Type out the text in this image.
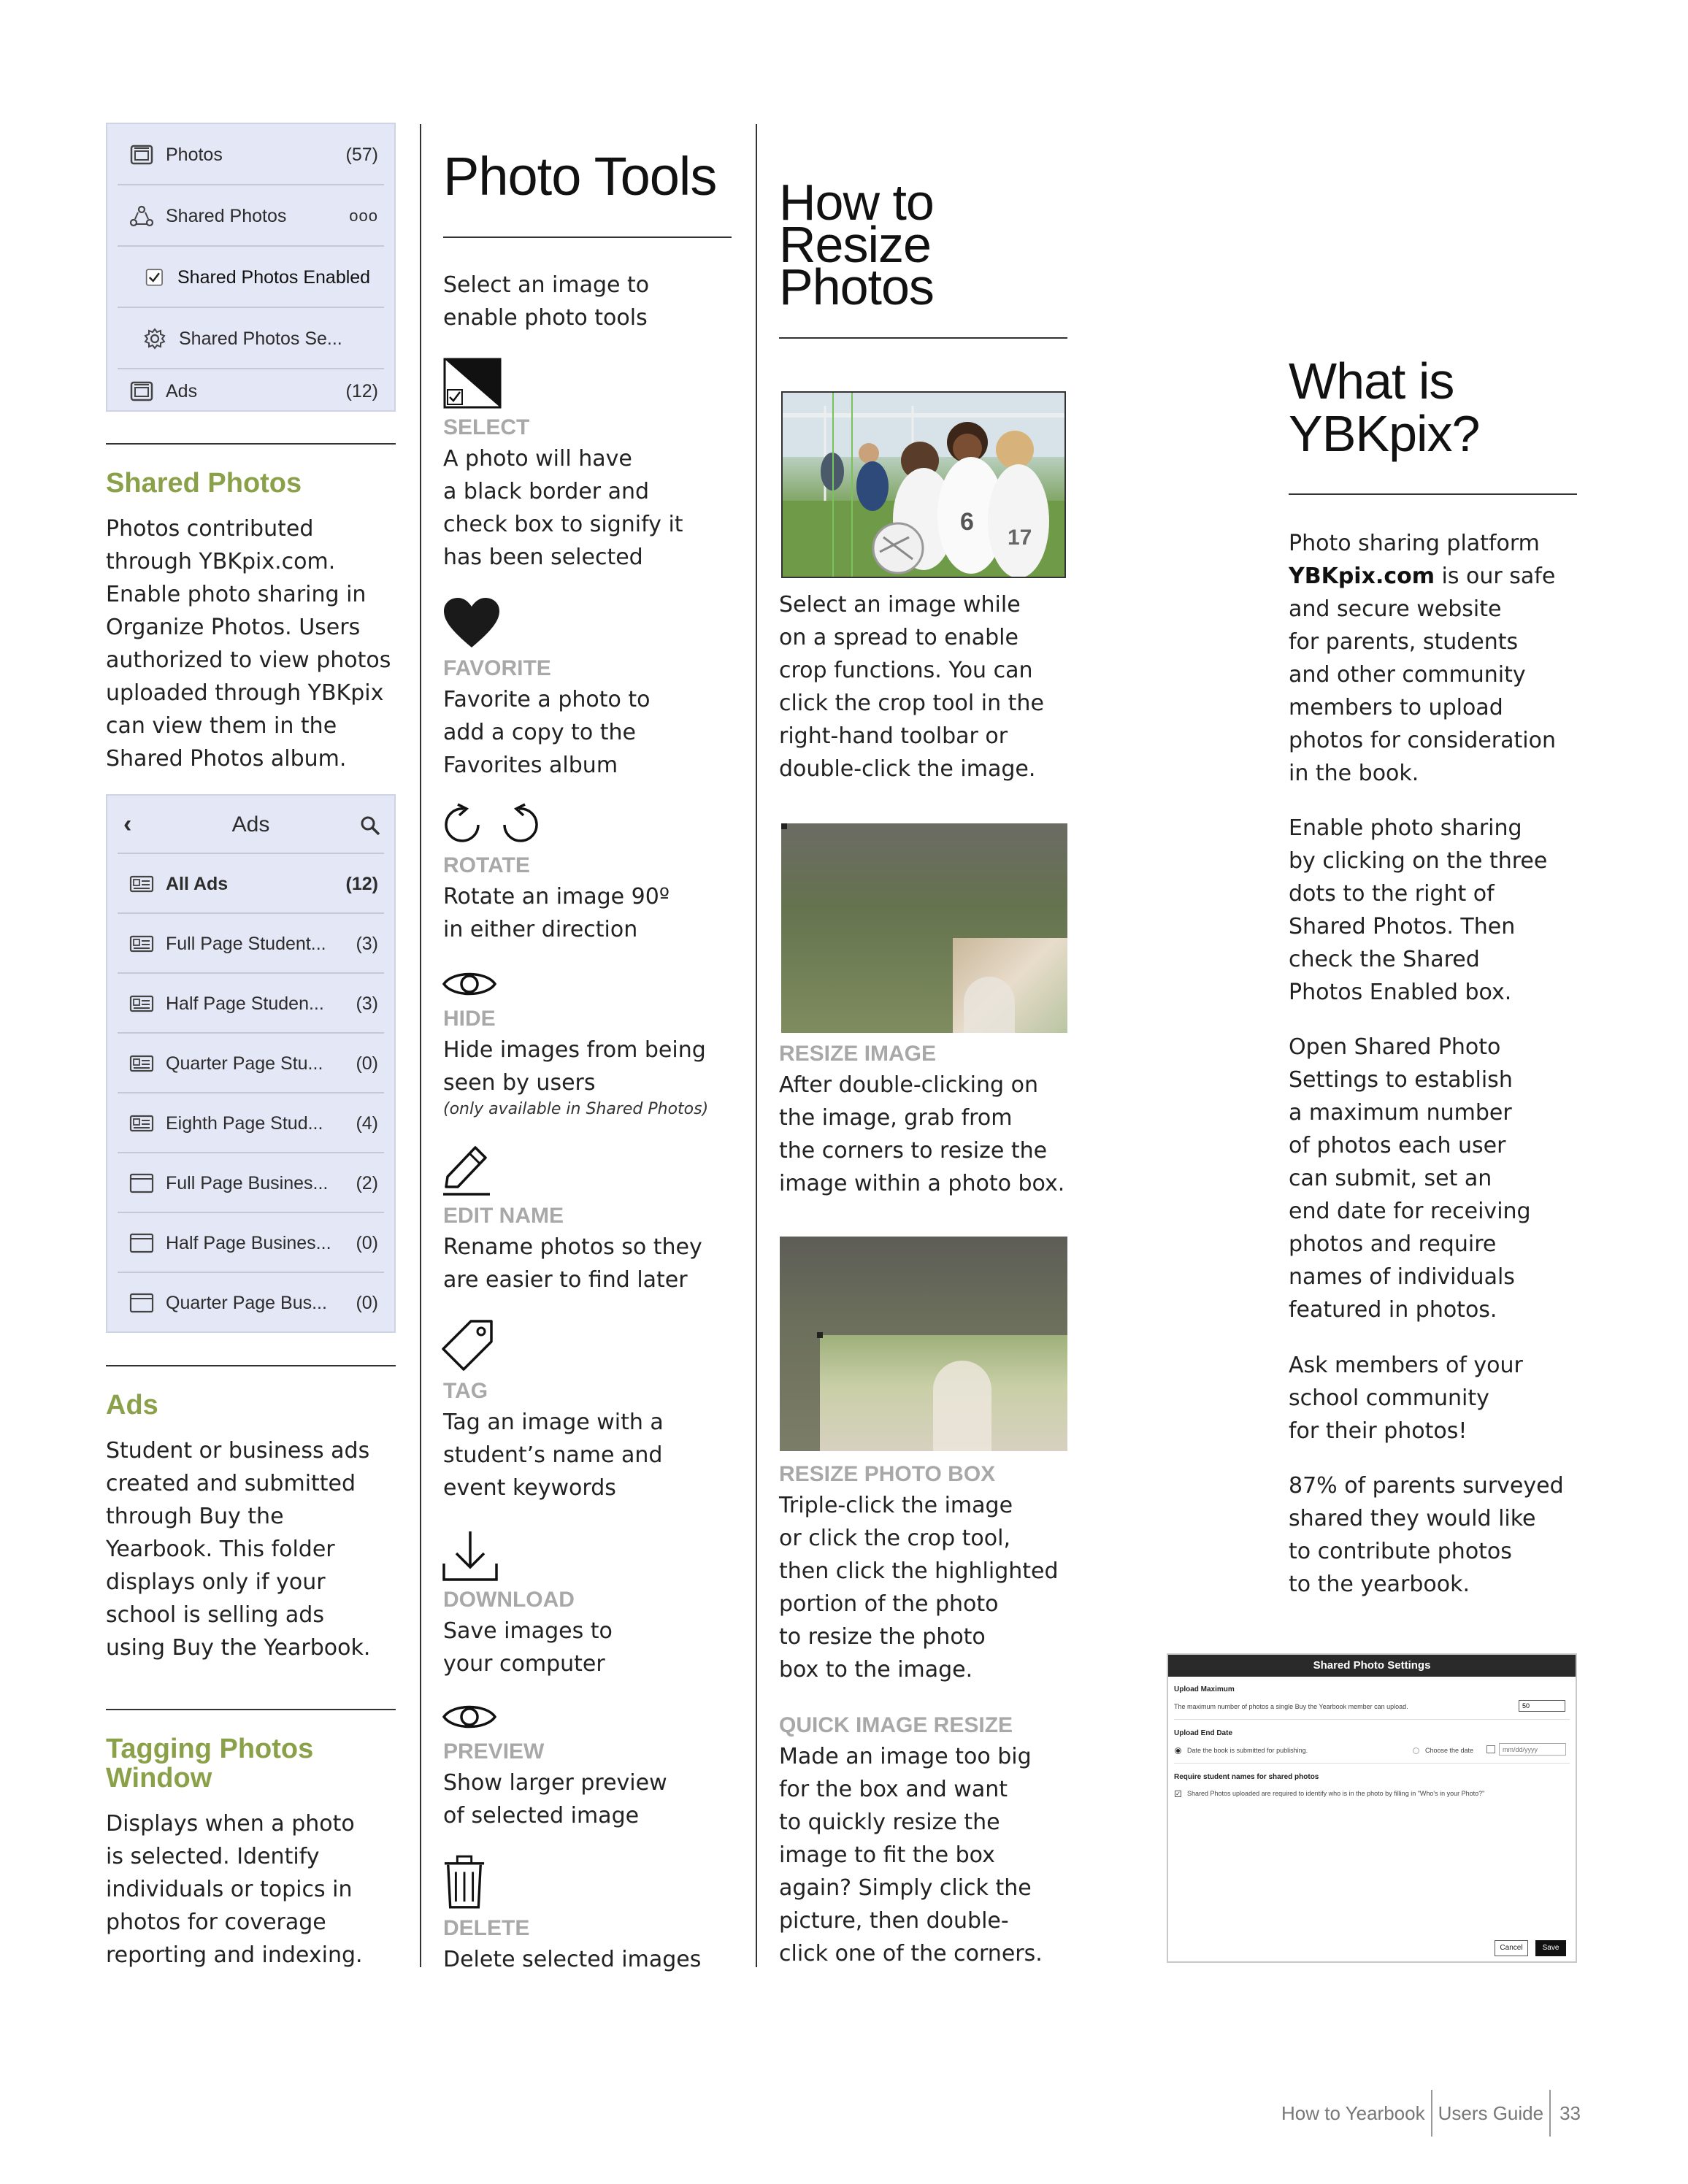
Photos	(57)
Shared Photos	ooo
Shared Photos Enabled
Shared Photos Se...
Ads	(12)
Shared Photos
Photos contributed
through YBKpix.com.
Enable photo sharing in
Organize Photos. Users
authorized to view photos
uploaded through YBKpix
can view them in the
Shared Photos album.
‹	Ads
All Ads	(12)
Full Page Student... (3)
Half Page Studen... (3)
Quarter Page Stu... (0)
Eighth Page Stud... (4)
Full Page Busines... (2)
Half Page Busines... (0)
Quarter Page Bus... (0)
Ads
Student or business ads
created and submitted
through Buy the
Yearbook. This folder
displays only if your
school is selling ads
using Buy the Yearbook.
Tagging Photos
Window
Displays when a photo
is selected. Identify
individuals or topics in
photos for coverage
reporting and indexing.
Photo Tools
Select an image to
enable photo tools
SELECT
A photo will have
a black border and
check box to signify it
has been selected
FAVORITE
Favorite a photo to
add a copy to the
Favorites album
ROTATE
Rotate an image 90º
in either direction
HIDE
Hide images from being
seen by users
(only available in Shared Photos)
EDIT NAME
Rename photos so they
are easier to find later
TAG
Tag an image with a
student’s name and
event keywords
DOWNLOAD
Save images to
your computer
PREVIEW
Show larger preview
of selected image
DELETE
Delete selected images
How to
Resize
Photos
6
17
Select an image while
on a spread to enable
crop functions. You can
click the crop tool in the
right-hand toolbar or
double-click the image.
RESIZE IMAGE
After double-clicking on
the image, grab from
the corners to resize the
image within a photo box.
RESIZE PHOTO BOX
Triple-click the image
or click the crop tool,
then click the highlighted
portion of the photo
to resize the photo
box to the image.
QUICK IMAGE RESIZE
Made an image too big
for the box and want
to quickly resize the
image to fit the box
again? Simply click the
picture, then double-
click one of the corners.
What is
YBKpix?
Photo sharing platform
YBKpix.com is our safe
and secure website
for parents, students
and other community
members to upload
photos for consideration
in the book.
Enable photo sharing
by clicking on the three
dots to the right of
Shared Photos. Then
check the Shared
Photos Enabled box.
Open Shared Photo
Settings to establish
a maximum number
of photos each user
can submit, set an
end date for receiving
photos and require
names of individuals
featured in photos.
Ask members of your
school community
for their photos!
87% of parents surveyed
shared they would like
to contribute photos
to the yearbook.
Shared Photo Settings
Upload Maximum
The maximum number of photos a single Buy the Yearbook member can upload.
50
Upload End Date
Date the book is submitted for publishing.	Choose the date
mm/dd/yyyy
Require student names for shared photos
✓ Shared Photos uploaded are required to identify who is in the photo by filling in "Who's in your Photo?"
Cancel	Save
How to Yearbook Users Guide 33
